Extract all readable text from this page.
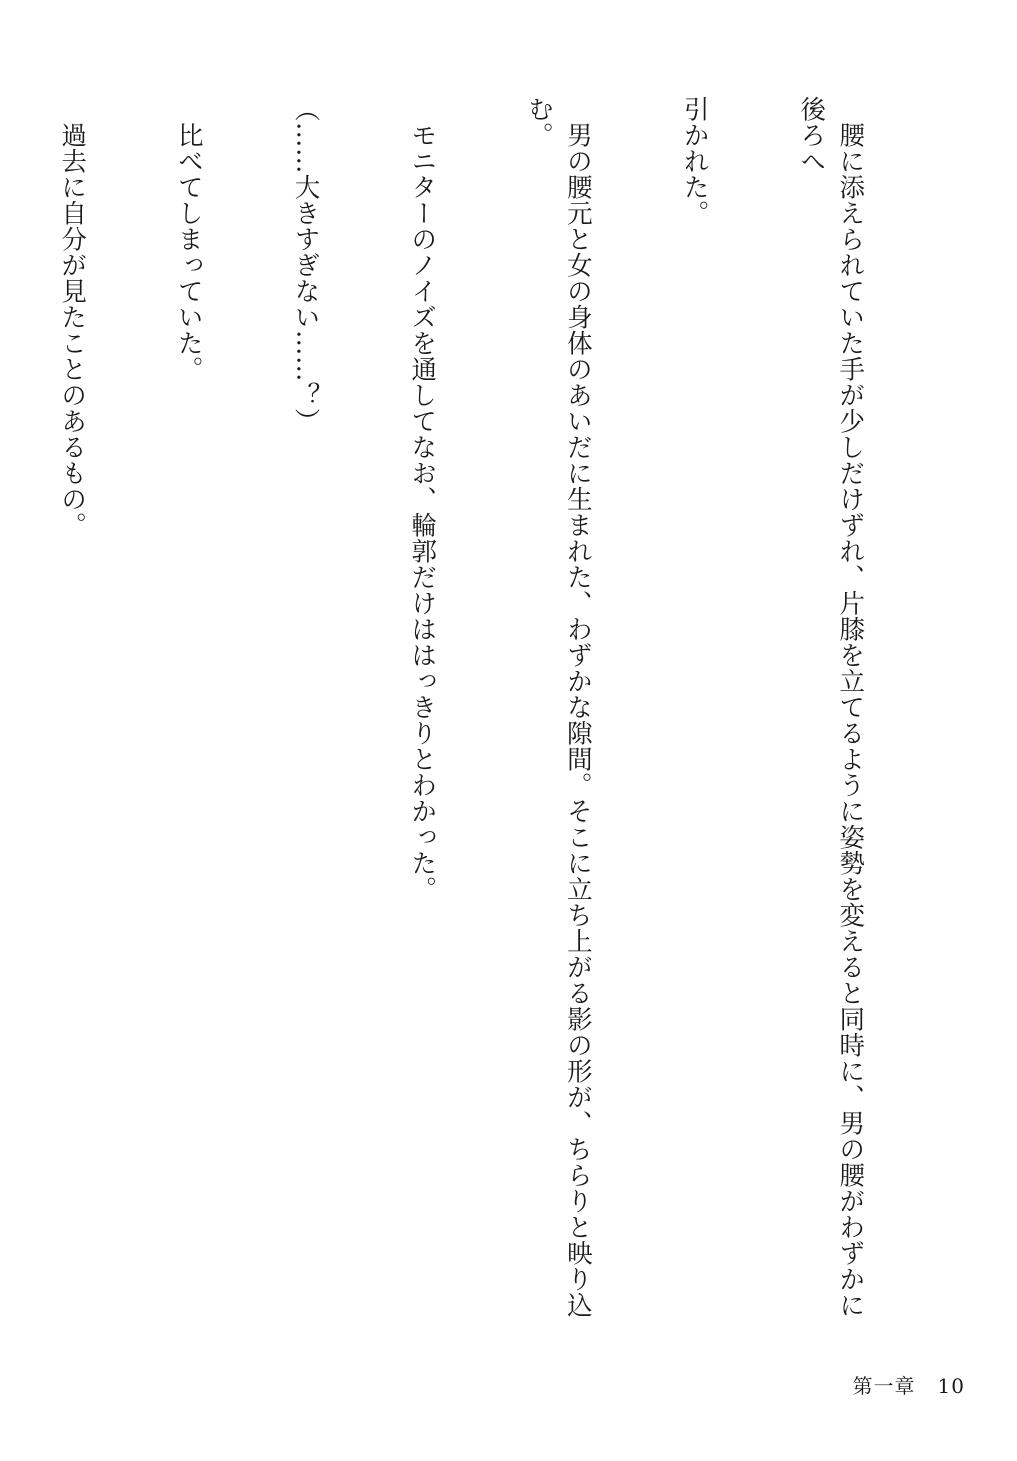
　腰に添えられていた手が少しだけずれ、片膝を立てるように姿勢を変えると同時に、男の腰がわずかに後ろへ

引かれた。

　男の腰元と女の身体のあいだに生まれた、わずかな隙間。そこに立ち上がる影の形が、ちらりと映り込む。

　モニターのノイズを通してなお、輪郭だけははっきりとわかった。

（……大きすぎない……？）

　比べてしまっていた。

　過去に自分が見たことのあるもの。

第一章 10
